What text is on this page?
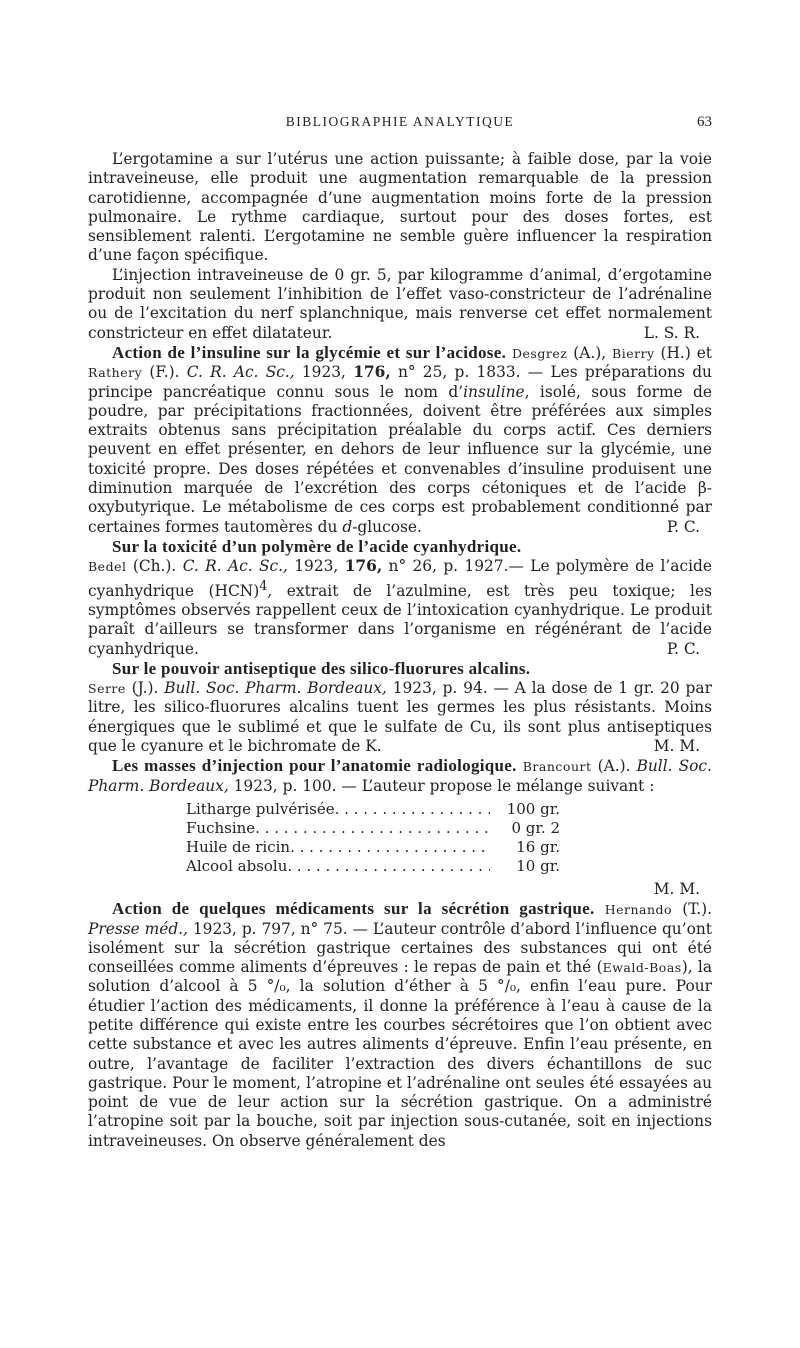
BIBLIOGRAPHIE ANALYTIQUE	63

L’ergotamine a sur l’utérus une action puissante; à faible dose, par la voie intraveineuse, elle produit une augmentation remarquable de la pression carotidienne, accompagnée d’une augmentation moins forte de la pression pulmonaire. Le rythme cardiaque, surtout pour des doses fortes, est sensiblement ralenti. L’ergotamine ne semble guère influencer la respiration d’une façon spécifique.

L’injection intraveineuse de 0 gr. 5, par kilogramme d’animal, d’ergotamine produit non seulement l’inhibition de l’effet vaso-constricteur de l’adrénaline ou de l’excitation du nerf splanchnique, mais renverse cet effet normalement constricteur en effet dilatateur.	L. S. R.

Action de l’insuline sur la glycémie et sur l’acidose. Desgrez (A.), Bierry (H.) et Rathery (F.). C. R. Ac. Sc., 1923, 176, n° 25, p. 1833. — Les préparations du principe pancréatique connu sous le nom d’insuline, isolé, sous forme de poudre, par précipitations fractionnées, doivent être préférées aux simples extraits obtenus sans précipitation préalable du corps actif. Ces derniers peuvent en effet présenter, en dehors de leur influence sur la glycémie, une toxicité propre. Des doses répétées et convenables d’insuline produisent une diminution marquée de l’excrétion des corps cétoniques et de l’acide β-oxybutyrique. Le métabolisme de ces corps est probablement conditionné par certaines formes tautomères du d-glucose.	P. C.

Sur la toxicité d’un polymère de l’acide cyanhydrique.
Bedel (Ch.). C. R. Ac. Sc., 1923, 176, n° 26, p. 1927.— Le polymère de l’acide cyanhydrique (HCN)$^4$, extrait de l’azulmine, est très peu toxique; les symptômes observés rappellent ceux de l’intoxication cyanhydrique. Le produit paraît d’ailleurs se transformer dans l’organisme en régénérant de l’acide cyanhydrique.	P. C.

Sur le pouvoir antiseptique des silico-fluorures alcalins.
Serre (J.). Bull. Soc. Pharm. Bordeaux, 1923, p. 94. — A la dose de 1 gr. 20 par litre, les silico-fluorures alcalins tuent les germes les plus résistants. Moins énergiques que le sublimé et que le sulfate de Cu, ils sont plus antiseptiques que le cyanure et le bichromate de K.	M. M.

Les masses d’injection pour l’anatomie radiologique. Brancourt (A.). Bull. Soc. Pharm. Bordeaux, 1923, p. 100. — L’auteur propose le mélange suivant :

Litharge pulvérisée . . .	100 gr.
Fuchsine . . .	0 gr. 2
Huile de ricin . . .	16 gr.
Alcool absolu . . .	10 gr.

M. M.

Action de quelques médicaments sur la sécrétion gastrique. Hernando (T.). Presse méd., 1923, p. 797, n° 75. — L’auteur contrôle d’abord l’influence qu’ont isolément sur la sécrétion gastrique certaines des substances qui ont été conseillées comme aliments d’épreuves : le repas de pain et thé (Ewald-Boas), la solution d’alcool à 5 °/₀, la solution d’éther à 5 °/₀, enfin l’eau pure. Pour étudier l’action des médicaments, il donne la préférence à l’eau à cause de la petite différence qui existe entre les courbes sécrétoires que l’on obtient avec cette substance et avec les autres aliments d’épreuve. Enfin l’eau présente, en outre, l’avantage de faciliter l’extraction des divers échantillons de suc gastrique. Pour le moment, l’atropine et l’adrénaline ont seules été essayées au point de vue de leur action sur la sécrétion gastrique. On a administré l’atropine soit par la bouche, soit par injection sous-cutanée, soit en injections intraveineuses. On observe généralement des
